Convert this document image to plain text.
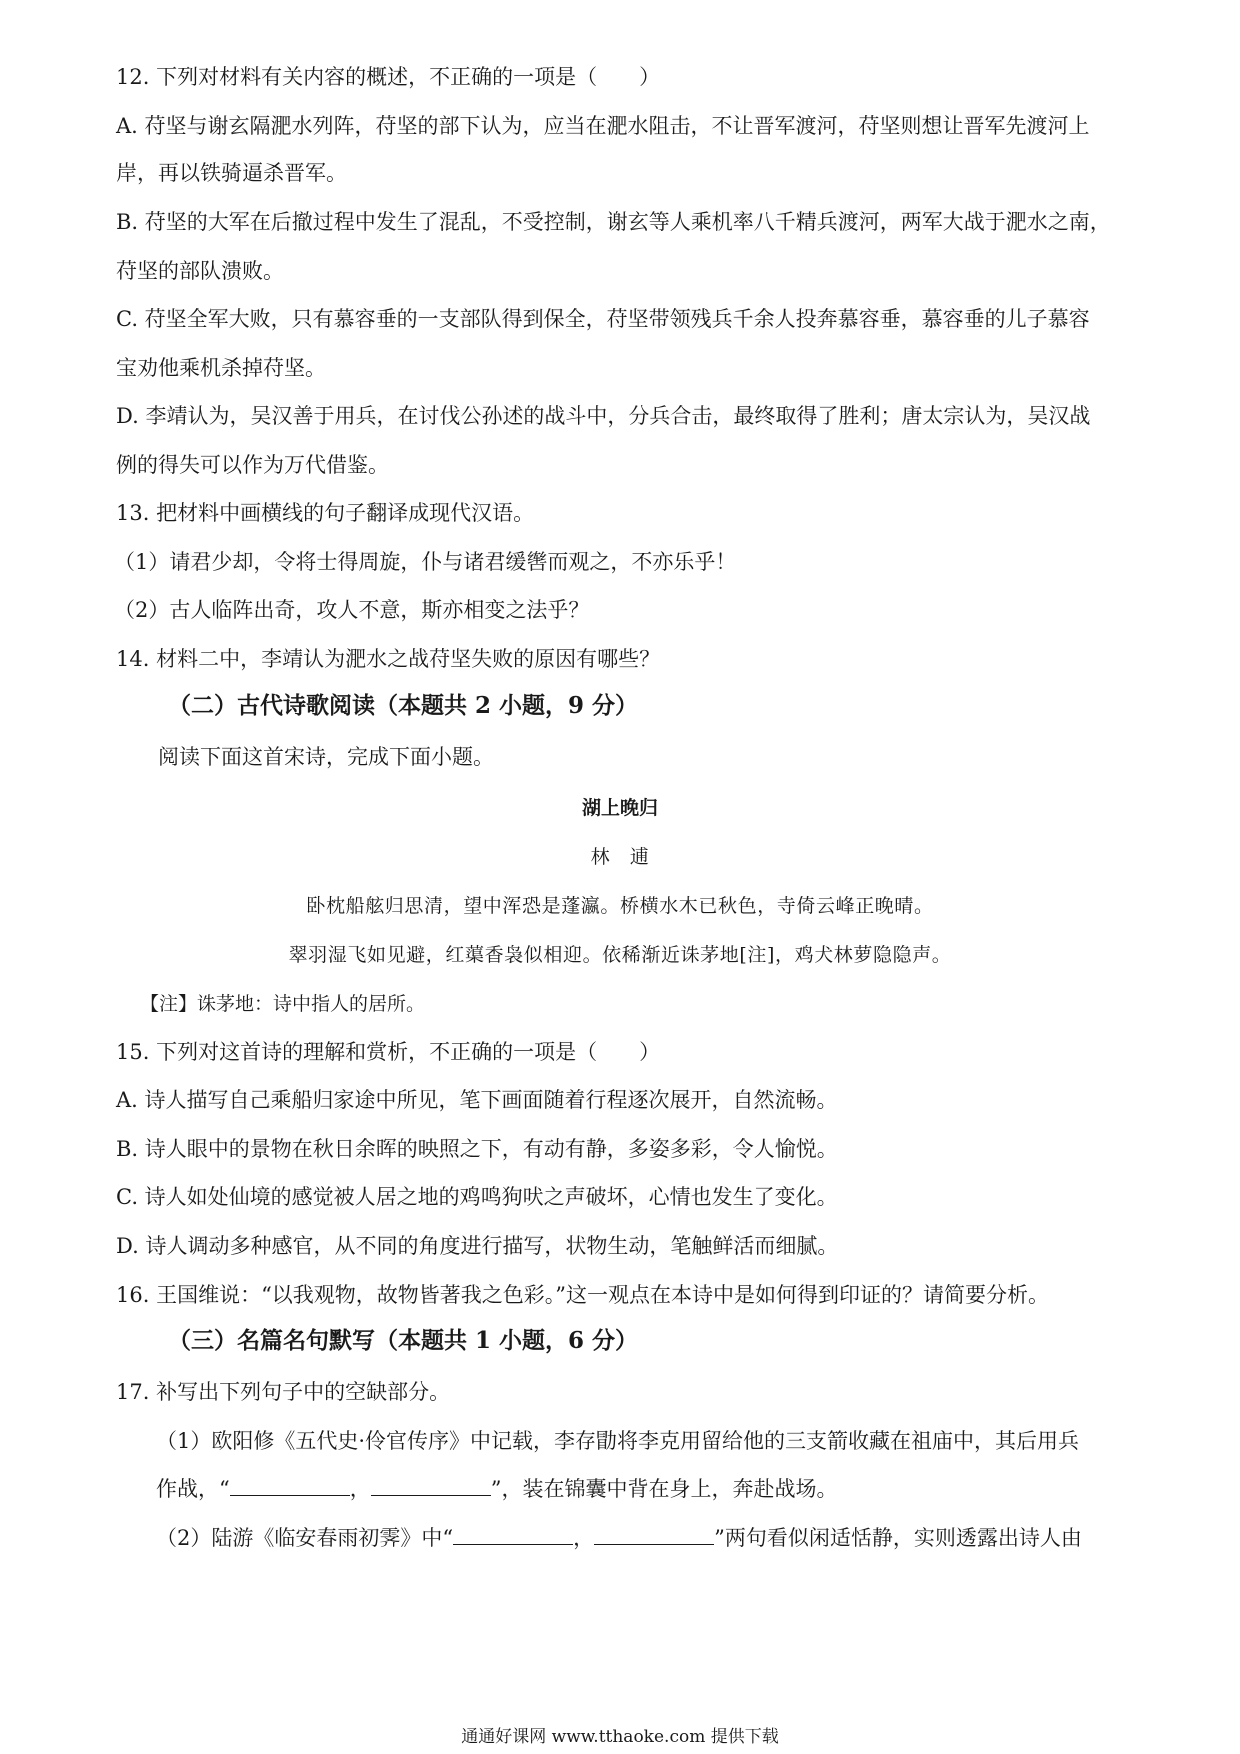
12. 下列对材料有关内容的概述，不正确的一项是（　　）
A. 苻坚与谢玄隔淝水列阵，苻坚的部下认为，应当在淝水阻击，不让晋军渡河，苻坚则想让晋军先渡河上
岸，再以铁骑逼杀晋军。
B. 苻坚的大军在后撤过程中发生了混乱，不受控制，谢玄等人乘机率八千精兵渡河，两军大战于淝水之南，
苻坚的部队溃败。
C. 苻坚全军大败，只有慕容垂的一支部队得到保全，苻坚带领残兵千余人投奔慕容垂，慕容垂的儿子慕容
宝劝他乘机杀掉苻坚。
D. 李靖认为，吴汉善于用兵，在讨伐公孙述的战斗中，分兵合击，最终取得了胜利；唐太宗认为，吴汉战
例的得失可以作为万代借鉴。
13. 把材料中画横线的句子翻译成现代汉语。
（1）请君少却，令将士得周旋，仆与诸君缓辔而观之，不亦乐乎！
（2）古人临阵出奇，攻人不意，斯亦相变之法乎？
14. 材料二中，李靖认为淝水之战苻坚失败的原因有哪些？
（二）古代诗歌阅读（本题共 2 小题，9 分）
阅读下面这首宋诗，完成下面小题。
湖上晚归
林　逋
卧枕船舷归思清，望中浑恐是蓬瀛。桥横水木已秋色，寺倚云峰正晚晴。
翠羽湿飞如见避，红蕖香袅似相迎。依稀渐近诛茅地[注]，鸡犬林萝隐隐声。
【注】诛茅地：诗中指人的居所。
15. 下列对这首诗的理解和赏析，不正确的一项是（　　）
A. 诗人描写自己乘船归家途中所见，笔下画面随着行程逐次展开，自然流畅。
B. 诗人眼中的景物在秋日余晖的映照之下，有动有静，多姿多彩，令人愉悦。
C. 诗人如处仙境的感觉被人居之地的鸡鸣狗吠之声破坏，心情也发生了变化。
D. 诗人调动多种感官，从不同的角度进行描写，状物生动，笔触鲜活而细腻。
16. 王国维说：“以我观物，故物皆著我之色彩。”这一观点在本诗中是如何得到印证的？请简要分析。
（三）名篇名句默写（本题共 1 小题，6 分）
17. 补写出下列句子中的空缺部分。
（1）欧阳修《五代史·伶官传序》中记载，李存勖将李克用留给他的三支箭收藏在祖庙中，其后用兵
作战，“	，	”，装在锦囊中背在身上，奔赴战场。
（2）陆游《临安春雨初霁》中“	，	”两句看似闲适恬静，实则透露出诗人由
通通好课网 www.tthaoke.com 提供下载
